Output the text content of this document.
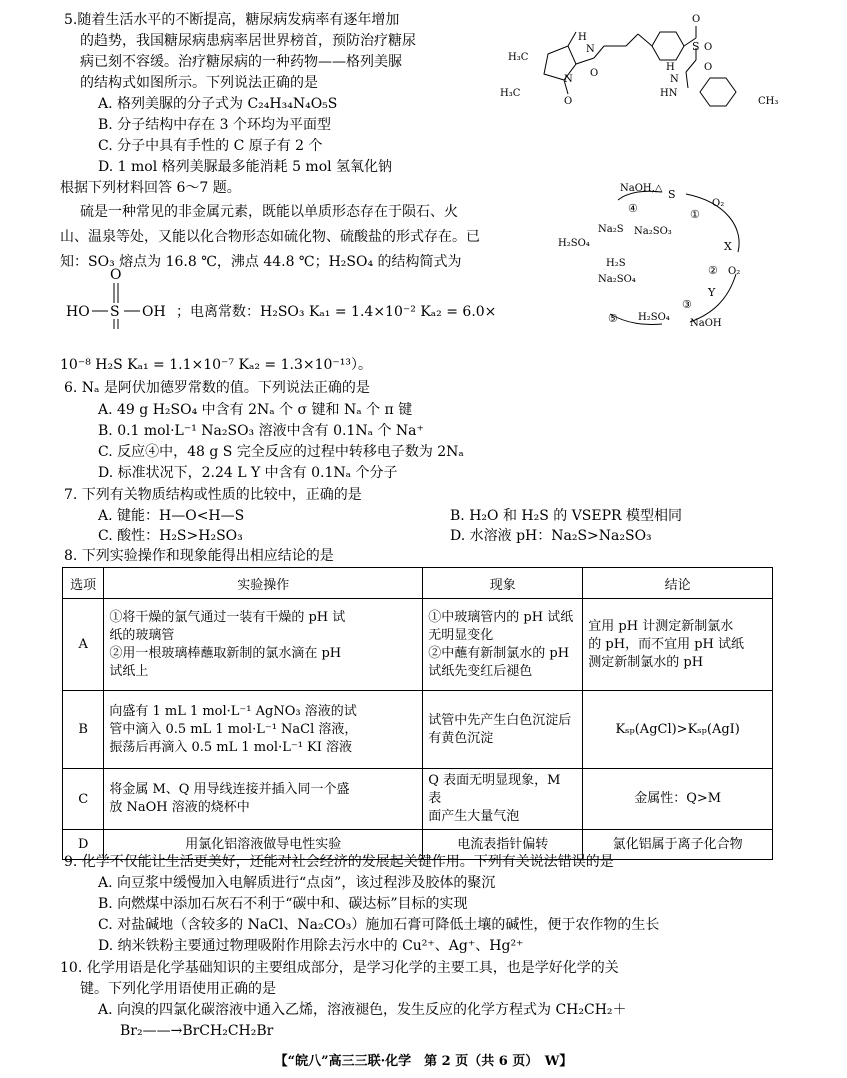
5.随着生活水平的不断提高，糖尿病发病率有逐年增加
的趋势，我国糖尿病患病率居世界榜首，预防治疗糖尿
病已刻不容缓。治疗糖尿病的一种药物——格列美脲
的结构式如图所示。下列说法正确的是
A. 格列美脲的分子式为 C₂₄H₃₄N₄O₅S
B. 分子结构中存在 3 个环均为平面型
C. 分子中具有手性的 C 原子有 2 个
D. 1 mol 格列美脲最多能消耗 5 mol 氢氧化钠
H₃C
H₃C
N
O
O
H
N
H
N
S
O
O
CH₃
HN
O
根据下列材料回答 6～7 题。
硫是一种常见的非金属元素，既能以单质形态存在于陨石、火
山、温泉等处，又能以化合物形态如硫化物、硫酸盐的形式存在。已
知：SO₃ 熔点为 16.8 ℃，沸点 44.8 ℃；H₂SO₄ 的结构简式为
HO S OH
O
；电离常数：H₂SO₃ Kₐ₁ = 1.4×10⁻² Kₐ₂ = 6.0×
10⁻⁸ H₂S Kₐ₁ = 1.1×10⁻⁷ Kₐ₂ = 1.3×10⁻¹³）。
NaOH,△ S
O₂
①
X
② O₂
Y
③
NaOH
H₂SO₄
⑤
Na₂SO₄
H₂S
H₂SO₄
Na₂S Na₂SO₃
④
6. Nₐ 是阿伏加德罗常数的值。下列说法正确的是
A. 49 g H₂SO₄ 中含有 2Nₐ 个 σ 键和 Nₐ 个 π 键
B. 0.1 mol·L⁻¹ Na₂SO₃ 溶液中含有 0.1Nₐ 个 Na⁺
C. 反应④中，48 g S 完全反应的过程中转移电子数为 2Nₐ
D. 标准状况下，2.24 L Y 中含有 0.1Nₐ 个分子
7. 下列有关物质结构或性质的比较中，正确的是
A. 键能：H—O<H—S	B. H₂O 和 H₂S 的 VSEPR 模型相同
C. 酸性：H₂S>H₂SO₃	D. 水溶液 pH：Na₂S>Na₂SO₃
8. 下列实验操作和现象能得出相应结论的是
选项	实验操作	现象	结论
A	①将干燥的氯气通过一装有干燥的 pH 试
纸的玻璃管
②用一根玻璃棒蘸取新制的氯水滴在 pH
试纸上	①中玻璃管内的 pH 试纸
无明显变化
②中蘸有新制氯水的 pH
试纸先变红后褪色	宜用 pH 计测定新制氯水
的 pH，而不宜用 pH 试纸
测定新制氯水的 pH

B	向盛有 1 mL 1 mol·L⁻¹ AgNO₃ 溶液的试
管中滴入 0.5 mL 1 mol·L⁻¹ NaCl 溶液，
振荡后再滴入 0.5 mL 1 mol·L⁻¹ KI 溶液	试管中先产生白色沉淀后
有黄色沉淀	Kₛₚ(AgCl)>Kₛₚ(AgI)

C	将金属 M、Q 用导线连接并插入同一个盛
放 NaOH 溶液的烧杯中	Q 表面无明显现象，M 表
面产生大量气泡	金属性：Q>M

D	用氯化铝溶液做导电性实验	电流表指针偏转	氯化铝属于离子化合物
9. 化学不仅能让生活更美好，还能对社会经济的发展起关键作用。下列有关说法错误的是
A. 向豆浆中缓慢加入电解质进行“点卤”，该过程涉及胶体的聚沉
B. 向燃煤中添加石灰石不利于“碳中和、碳达标”目标的实现
C. 对盐碱地（含较多的 NaCl、Na₂CO₃）施加石膏可降低土壤的碱性，便于农作物的生长
D. 纳米铁粉主要通过物理吸附作用除去污水中的 Cu²⁺、Ag⁺、Hg²⁺
10. 化学用语是化学基础知识的主要组成部分，是学习化学的主要工具，也是学好化学的关
键。下列化学用语使用正确的是
A. 向溴的四氯化碳溶液中通入乙烯，溶液褪色，发生反应的化学方程式为 CH₂CH₂＋
Br₂——→BrCH₂CH₂Br
【“皖八”高三三联·化学　第 2 页（共 6 页）　W】
